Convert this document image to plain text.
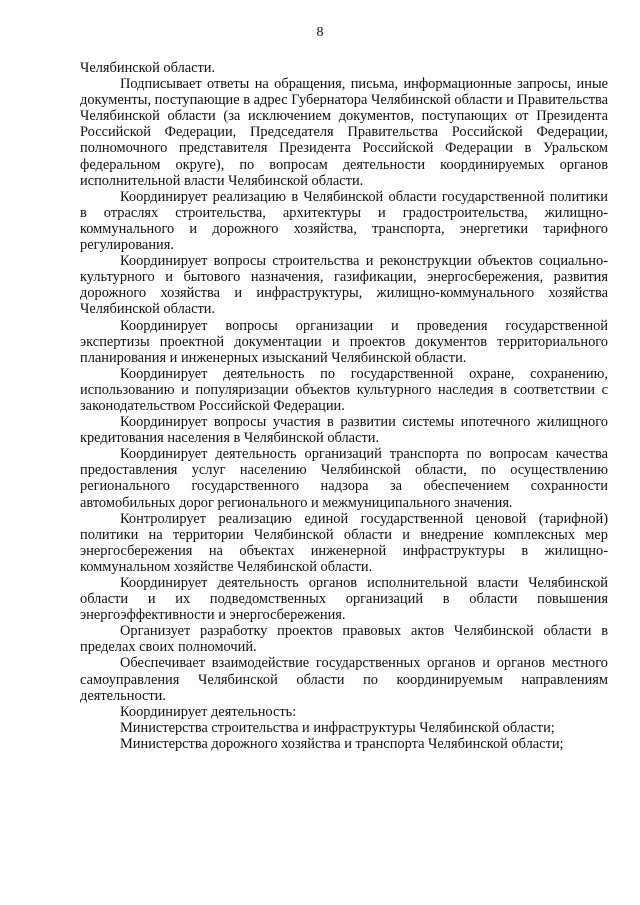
8

Челябинской области.

Подписывает ответы на обращения, письма, информационные запросы, иные документы, поступающие в адрес Губернатора Челябинской области и Правительства Челябинской области (за исключением документов, поступающих от Президента Российской Федерации, Председателя Правительства Российской Федерации, полномочного представителя Президента Российской Федерации в Уральском федеральном округе), по вопросам деятельности координируемых органов исполнительной власти Челябинской области.

Координирует реализацию в Челябинской области государственной политики в отраслях строительства, архитектуры и градостроительства, жилищно-коммунального и дорожного хозяйства, транспорта, энергетики тарифного регулирования.

Координирует вопросы строительства и реконструкции объектов социально-культурного и бытового назначения, газификации, энергосбережения, развития дорожного хозяйства и инфраструктуры, жилищно-коммунального хозяйства Челябинской области.

Координирует вопросы организации и проведения государственной экспертизы проектной документации и проектов документов территориального планирования и инженерных изысканий Челябинской области.

Координирует деятельность по государственной охране, сохранению, использованию и популяризации объектов культурного наследия в соответствии с законодательством Российской Федерации.

Координирует вопросы участия в развитии системы ипотечного жилищного кредитования населения в Челябинской области.

Координирует деятельность организаций транспорта по вопросам качества предоставления услуг населению Челябинской области, по осуществлению регионального государственного надзора за обеспечением сохранности автомобильных дорог регионального и межмуниципального значения.

Контролирует реализацию единой государственной ценовой (тарифной) политики на территории Челябинской области и внедрение комплексных мер энергосбережения на объектах инженерной инфраструктуры в жилищно-коммунальном хозяйстве Челябинской области.

Координирует деятельность органов исполнительной власти Челябинской области и их подведомственных организаций в области повышения энергоэффективности и энергосбережения.

Организует разработку проектов правовых актов Челябинской области в пределах своих полномочий.

Обеспечивает взаимодействие государственных органов и органов местного самоуправления Челябинской области по координируемым направлениям деятельности.

Координирует деятельность:

Министерства строительства и инфраструктуры Челябинской области;

Министерства дорожного хозяйства и транспорта Челябинской области;
